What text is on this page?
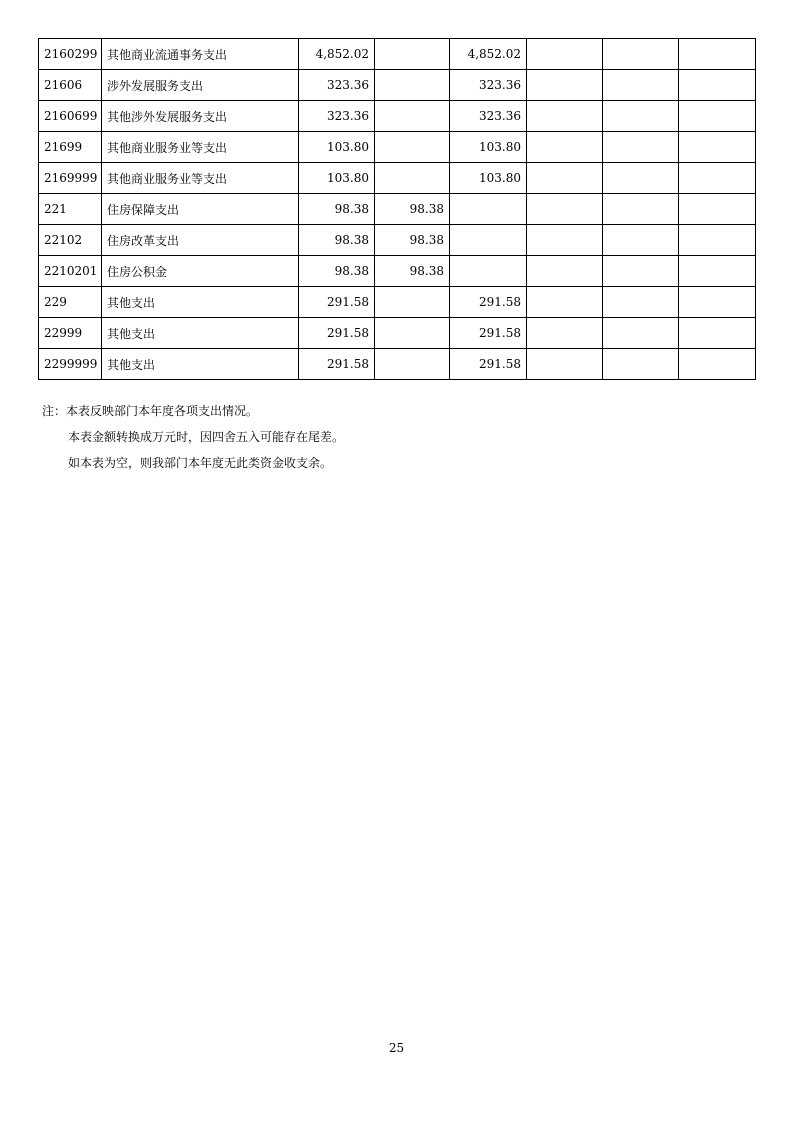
2160299	其他商业流通事务支出	4,852.02		4,852.02			
21606	涉外发展服务支出	323.36		323.36			
2160699	其他涉外发展服务支出	323.36		323.36			
21699	其他商业服务业等支出	103.80		103.80			
2169999	其他商业服务业等支出	103.80		103.80			
221	住房保障支出	98.38	98.38				
22102	住房改革支出	98.38	98.38				
2210201	住房公积金	98.38	98.38				
229	其他支出	291.58		291.58			
22999	其他支出	291.58		291.58			
2299999	其他支出	291.58		291.58			

注：本表反映部门本年度各项支出情况。

本表金额转换成万元时，因四舍五入可能存在尾差。

如本表为空，则我部门本年度无此类资金收支余。

25
